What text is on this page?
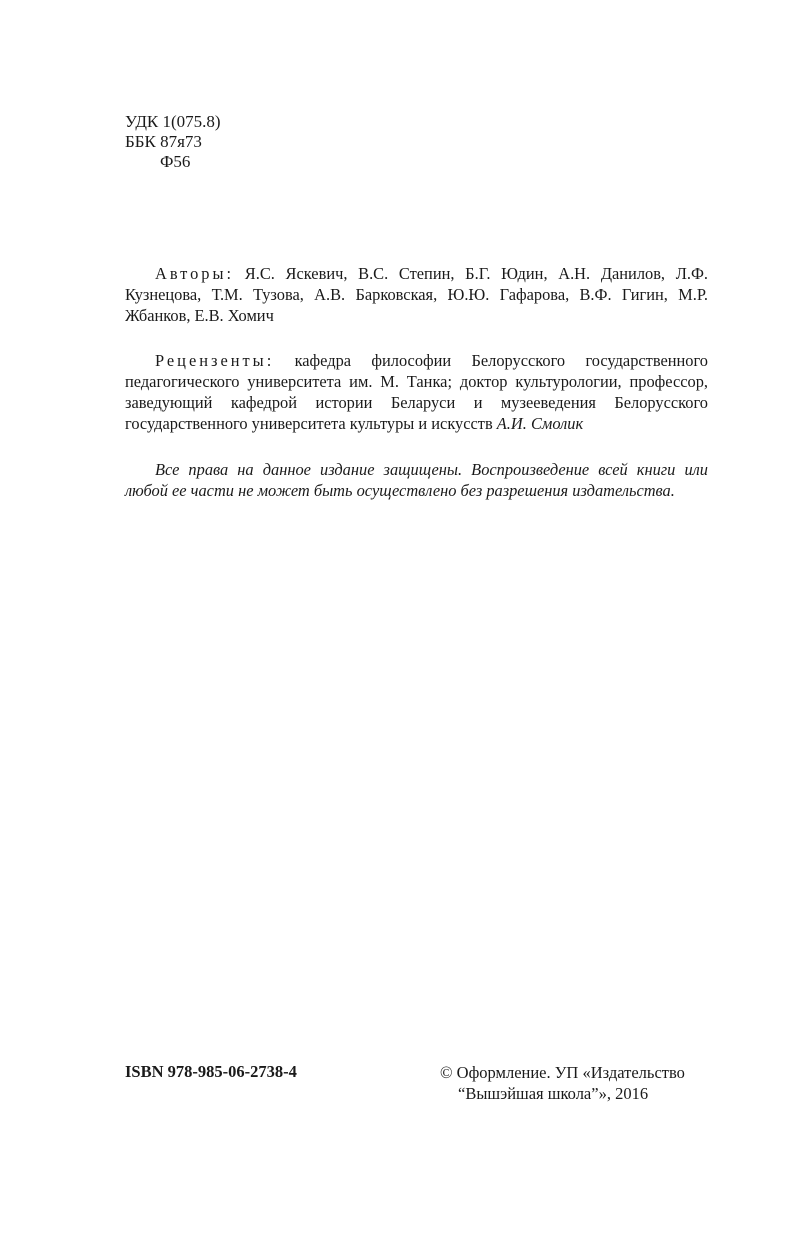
УДК 1(075.8)
ББК 87я73
Ф56

Авторы: Я.С. Яскевич, В.С. Степин, Б.Г. Юдин, А.Н. Данилов, Л.Ф. Кузнецова, Т.М. Тузова, А.В. Барковская, Ю.Ю. Гафарова, В.Ф. Гигин, М.Р. Жбанков, Е.В. Хомич

Рецензенты: кафедра философии Белорусского государственного педагогического университета им. М. Танка; доктор культурологии, профессор, заведующий кафедрой истории Беларуси и музееведения Белорусского государственного университета культуры и искусств А.И. Смолик

Все права на данное издание защищены. Воспроизведение всей книги или любой ее части не может быть осуществлено без разрешения издательства.

ISBN 978-985-06-2738-4	© Оформление. УП «Издательство
“Вышэйшая школа”», 2016
